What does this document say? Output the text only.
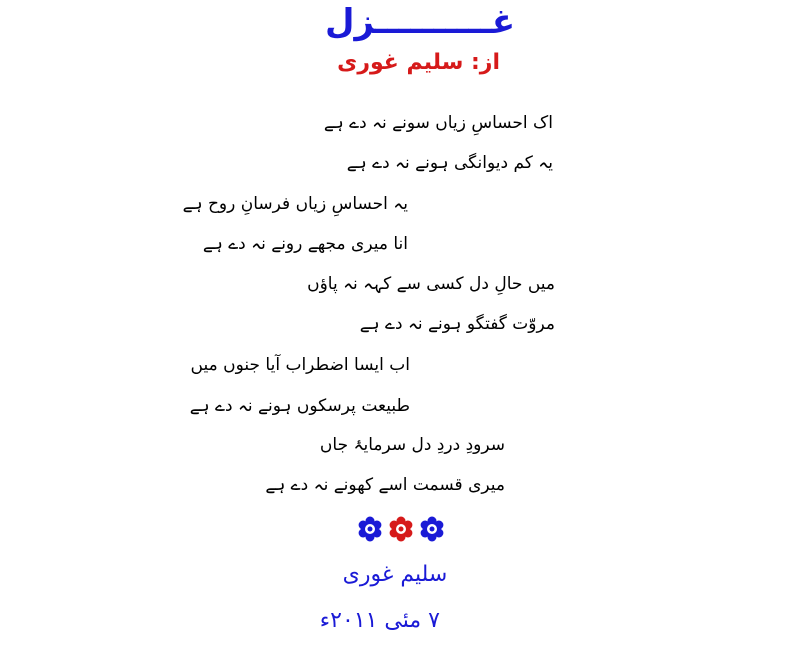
غــــــــــزل
از: سلیم غوری
اک احساسِ زیاں سونے نہ دے ہے
یہ کم دیوانگی ہونے نہ دے ہے
یہ احساسِ زیاں فرسانِ روح ہے
انا میری مجھے رونے نہ دے ہے
میں حالِ دل کسی سے کہہ نہ پاؤں
مروّت گفتگو ہونے نہ دے ہے
اب ایسا اضطراب آیا جنوں میں
طبیعت پرسکوں ہونے نہ دے ہے
سرودِ دردِ دل سرمایۂ جاں
میری قسمت اسے کھونے نہ دے ہے
سلیم غوری
۷ مئی ۲۰۱۱ء
